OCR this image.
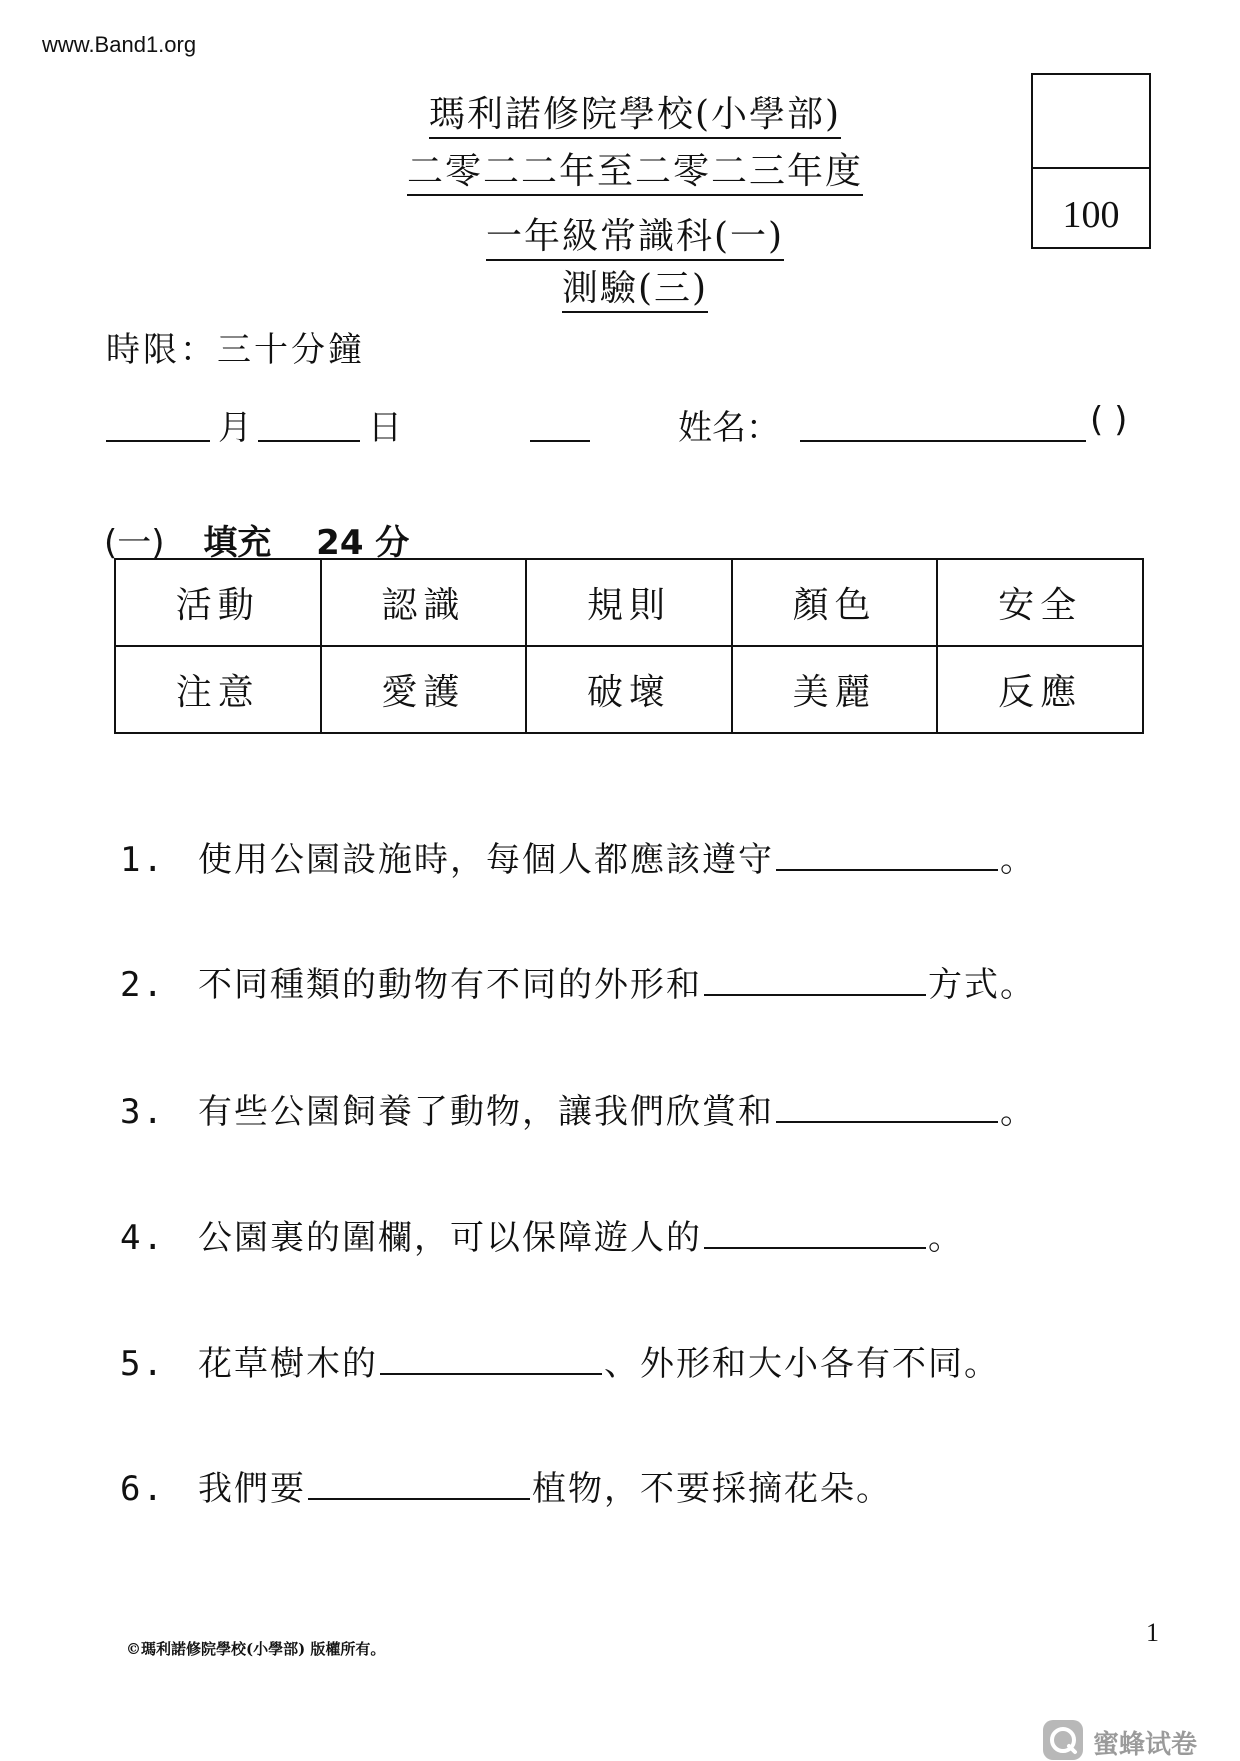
www.Band1.org
瑪利諾修院學校(小學部)
二零二二年至二零二三年度
一年級常識科(一)
測驗(三)
100
時限：三十分鐘
月	日	姓名：	( )
(一) 填充 24 分
活動	認識	規則	顏色	安全
注意	愛護	破壞	美麗	反應
1. 使用公園設施時，每個人都應該遵守	。
2. 不同種類的動物有不同的外形和	方式。
3. 有些公園飼養了動物，讓我們欣賞和	。
4. 公園裏的圍欄，可以保障遊人的	。
5. 花草樹木的	、外形和大小各有不同。
6. 我們要	植物，不要採摘花朵。
©瑪利諾修院學校(小學部) 版權所有。
1
蜜蜂试卷
